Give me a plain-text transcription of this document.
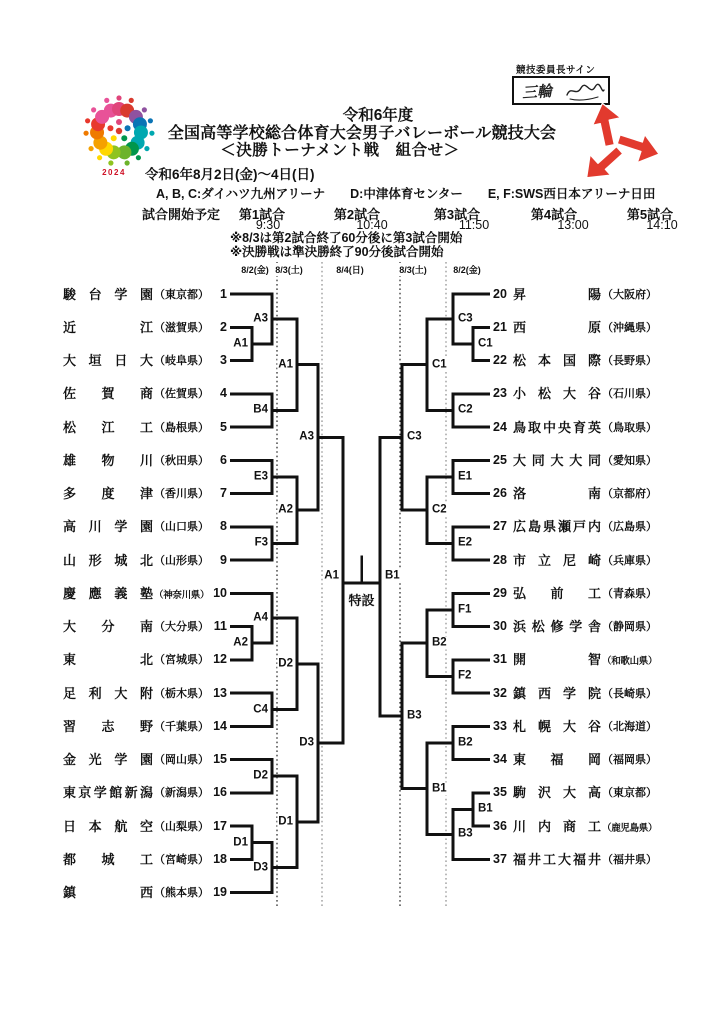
競技委員長サイン
三輪
2024
令和6年度
全国高等学校総合体育大会男子バレーボール競技大会
＜決勝トーナメント戦　組合せ＞
令和6年8月2日(金)～4日(日)
A, B, C:ダイハツ九州アリーナ　　D:中津体育センター　　E, F:SWS西日本アリーナ日田
試合開始予定 第1試合
9:30
第2試合
10:40
第3試合
11:50
第4試合
13:00
第5試合
14:10
※8/3は第2試合終了60分後に第3試合開始
※決勝戦は準決勝終了90分後試合開始
8/2(金) 8/3(土)	8/4(日)	8/3(土)	8/2(金)
A1
A3
B4
E3
F3
A2
A4
C4
D2
D1
D3
A1
A2
A3
D2
D1
D3
A1
C1
C3
C2
E1
E2
F1
F2
B2
B1
B3
C1
C2
C3
B2
B1
B3
B1
特設
駿台学園 （東京都） 1
近江 （滋賀県） 2
大垣日大 （岐阜県） 3
佐賀商 （佐賀県） 4
松江工 （島根県） 5
雄物川 （秋田県） 6
多度津 （香川県） 7
高川学園 （山口県） 8
山形城北 （山形県） 9
慶應義塾 （神奈川県） 10
大分南 （大分県） 11
東北 （宮城県） 12
足利大附 （栃木県） 13
習志野 （千葉県） 14
金光学園 （岡山県） 15
東京学館新潟 （新潟県） 16
日本航空 （山梨県） 17
都城工 （宮崎県） 18
鎮西 （熊本県） 19
20 昇陽 （大阪府）
21 西原 （沖縄県）
22 松本国際 （長野県）
23 小松大谷 （石川県）
24 鳥取中央育英 （鳥取県）
25 大同大大同 （愛知県）
26 洛南 （京都府）
27 広島県瀬戸内 （広島県）
28 市立尼崎 （兵庫県）
29 弘前工 （青森県）
30 浜松修学舎 （静岡県）
31 開智 （和歌山県）
32 鎮西学院 （長崎県）
33 札幌大谷 （北海道）
34 東福岡 （福岡県）
35 駒沢大高 （東京都）
36 川内商工 （鹿児島県）
37 福井工大福井 （福井県）
